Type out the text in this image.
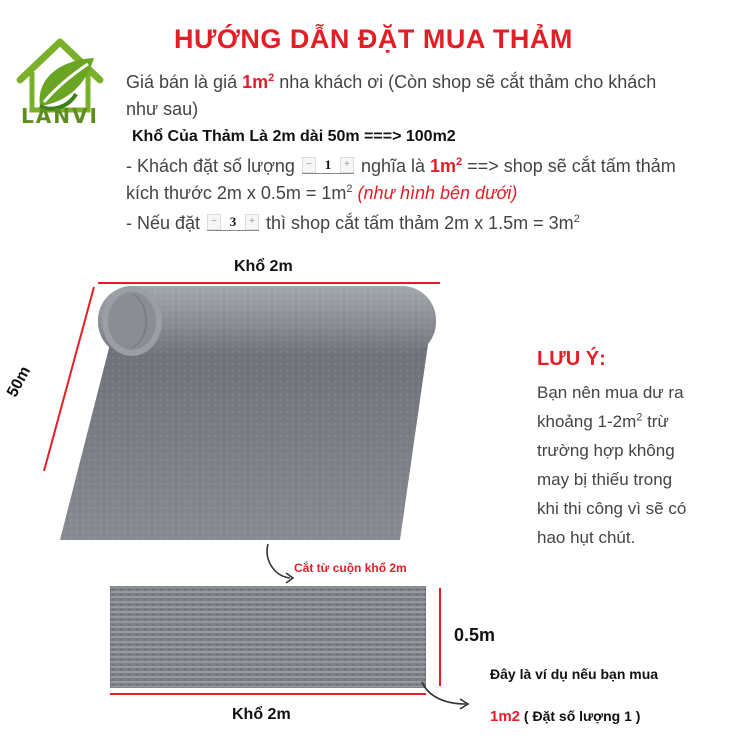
LANVI
HƯỚNG DẪN ĐẶT MUA THẢM
Giá bán là giá $1m^2$ nha khách ơi (Còn shop sẽ cắt thảm cho khách
như sau)
Khổ Của Thảm Là 2m dài 50m ===> 100m2
- Khách đặt số lượng	− 1	+ nghĩa là $1m^2$ ==> shop sẽ cắt tấm thảm
kích thước 2m x $0.5m = 1m^2$ (như hình bên dưới)
- Nếu đặt − 3	+ thì shop cắt tấm thảm 2m x $1.5m = 3m^2$
Khổ 2m
50m
LƯU Ý:
Bạn nên mua dư ra
khoảng $1-2m^2$ trừ
trường hợp không
may bị thiếu trong
khi thi công vì sẽ có
hao hụt chút.
Cắt từ cuộn khổ 2m
Khổ 2m
0.5m
Đây là ví dụ nếu bạn mua
1m2 ( Đặt số lượng 1 )
